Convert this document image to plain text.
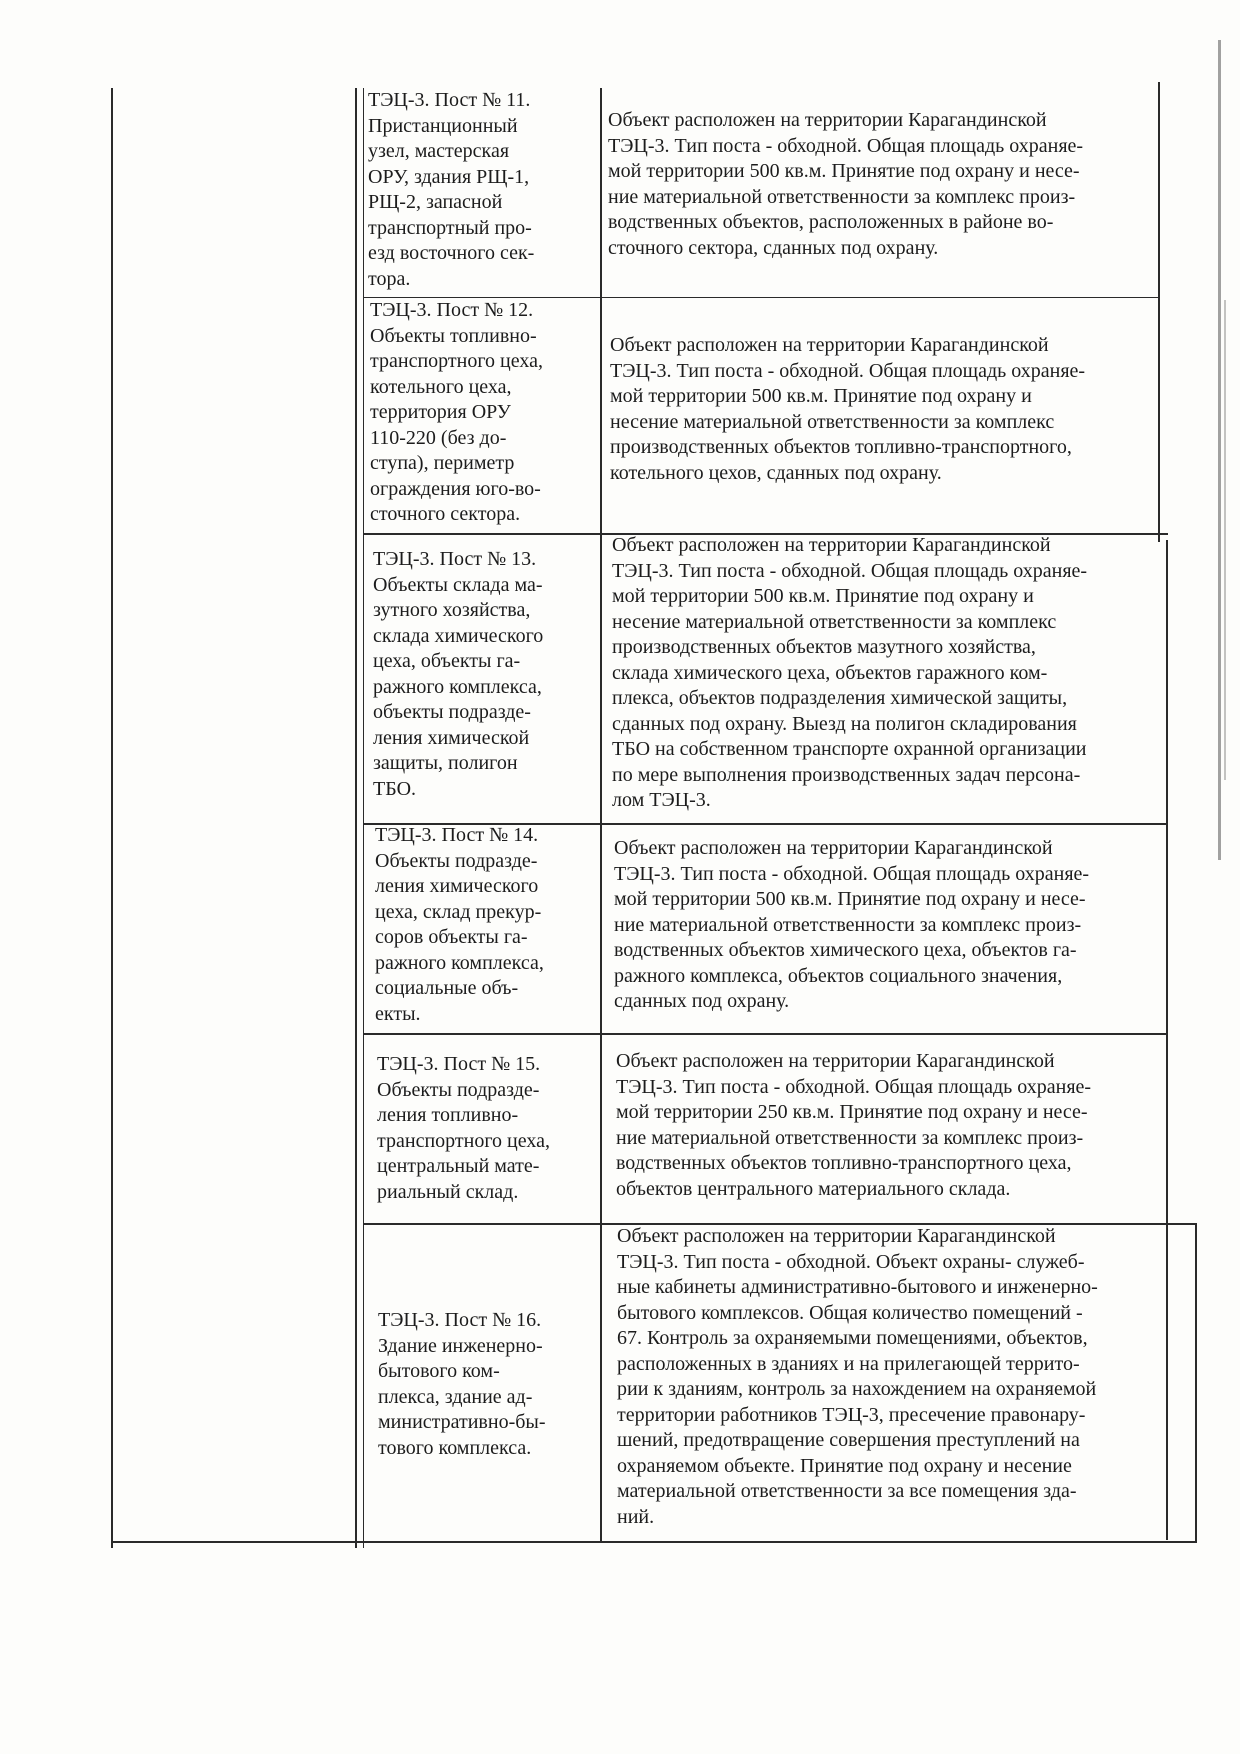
ТЭЦ-3. Пост № 11.
Пристанционный
узел, мастерская
ОРУ, здания РЩ-1,
РЩ-2, запасной
транспортный про-
езд восточного сек-
тора.
Объект расположен на территории Карагандинской
ТЭЦ-3. Тип поста - обходной. Общая площадь охраняе-
мой территории 500 кв.м. Принятие под охрану и несе-
ние материальной ответственности за комплекс произ-
водственных объектов, расположенных в районе во-
сточного сектора, сданных под охрану.
ТЭЦ-3. Пост № 12.
Объекты топливно-
транспортного цеха,
котельного цеха,
территория ОРУ
110-220 (без до-
ступа), периметр
ограждения юго-во-
сточного сектора.
Объект расположен на территории Карагандинской
ТЭЦ-3. Тип поста - обходной. Общая площадь охраняе-
мой территории 500 кв.м. Принятие под охрану и
несение материальной ответственности за комплекс
производственных объектов топливно-транспортного,
котельного цехов, сданных под охрану.
ТЭЦ-3. Пост № 13.
Объекты склада ма-
зутного хозяйства,
склада химического
цеха, объекты га-
ражного комплекса,
объекты подразде-
ления химической
защиты, полигон
ТБО.
Объект расположен на территории Карагандинской
ТЭЦ-3. Тип поста - обходной. Общая площадь охраняе-
мой территории 500 кв.м. Принятие под охрану и
несение материальной ответственности за комплекс
производственных объектов мазутного хозяйства,
склада химического цеха, объектов гаражного ком-
плекса, объектов подразделения химической защиты,
сданных под охрану. Выезд на полигон складирования
ТБО на собственном транспорте охранной организации
по мере выполнения производственных задач персона-
лом ТЭЦ-3.
ТЭЦ-3. Пост № 14.
Объекты подразде-
ления химического
цеха, склад прекур-
соров объекты га-
ражного комплекса,
социальные объ-
екты.
Объект расположен на территории Карагандинской
ТЭЦ-3. Тип поста - обходной. Общая площадь охраняе-
мой территории 500 кв.м. Принятие под охрану и несе-
ние материальной ответственности за комплекс произ-
водственных объектов химического цеха, объектов га-
ражного комплекса, объектов социального значения,
сданных под охрану.
ТЭЦ-3. Пост № 15.
Объекты подразде-
ления топливно-
транспортного цеха,
центральный мате-
риальный склад.
Объект расположен на территории Карагандинской
ТЭЦ-3. Тип поста - обходной. Общая площадь охраняе-
мой территории 250 кв.м. Принятие под охрану и несе-
ние материальной ответственности за комплекс произ-
водственных объектов топливно-транспортного цеха,
объектов центрального материального склада.
ТЭЦ-3. Пост № 16.
Здание инженерно-
бытового ком-
плекса, здание ад-
министративно-бы-
тового комплекса.
Объект расположен на территории Карагандинской
ТЭЦ-3. Тип поста - обходной. Объект охраны- служеб-
ные кабинеты административно-бытового и инженерно-
бытового комплексов. Общая количество помещений -
67. Контроль за охраняемыми помещениями, объектов,
расположенных в зданиях и на прилегающей террито-
рии к зданиям, контроль за нахождением на охраняемой
территории работников ТЭЦ-3, пресечение правонару-
шений, предотвращение совершения преступлений на
охраняемом объекте. Принятие под охрану и несение
материальной ответственности за все помещения зда-
ний.
